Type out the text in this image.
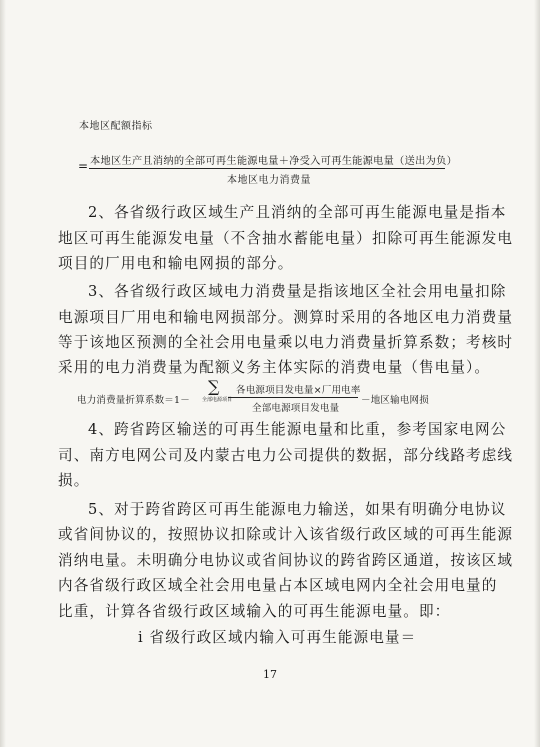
本地区配额指标
= 本地区生产且消纳的全部可再生能源电量＋净受入可再生能源电量（送出为负）
本地区电力消费量
2、各省级行政区域生产且消纳的全部可再生能源电量是指本
地区可再生能源发电量（不含抽水蓄能电量）扣除可再生能源发电
项目的厂用电和输电网损的部分。
3、各省级行政区域电力消费量是指该地区全社会用电量扣除
电源项目厂用电和输电网损部分。测算时采用的各地区电力消费量
等于该地区预测的全社会用电量乘以电力消费量折算系数；考核时
采用的电力消费量为配额义务主体实际的消费电量（售电量）。
电力消费量折算系数＝1－
∑
全部电源项目
各电源项目发电量×厂用电率
全部电源项目发电量
－地区输电网损
4、跨省跨区输送的可再生能源电量和比重，参考国家电网公
司、南方电网公司及内蒙古电力公司提供的数据，部分线路考虑线
损。
5、对于跨省跨区可再生能源电力输送，如果有明确分电协议
或省间协议的，按照协议扣除或计入该省级行政区域的可再生能源
消纳电量。未明确分电协议或省间协议的跨省跨区通道，按该区域
内各省级行政区域全社会用电量占本区域电网内全社会用电量的
比重，计算各省级行政区域输入的可再生能源电量。即：
i 省级行政区域内输入可再生能源电量＝
17
